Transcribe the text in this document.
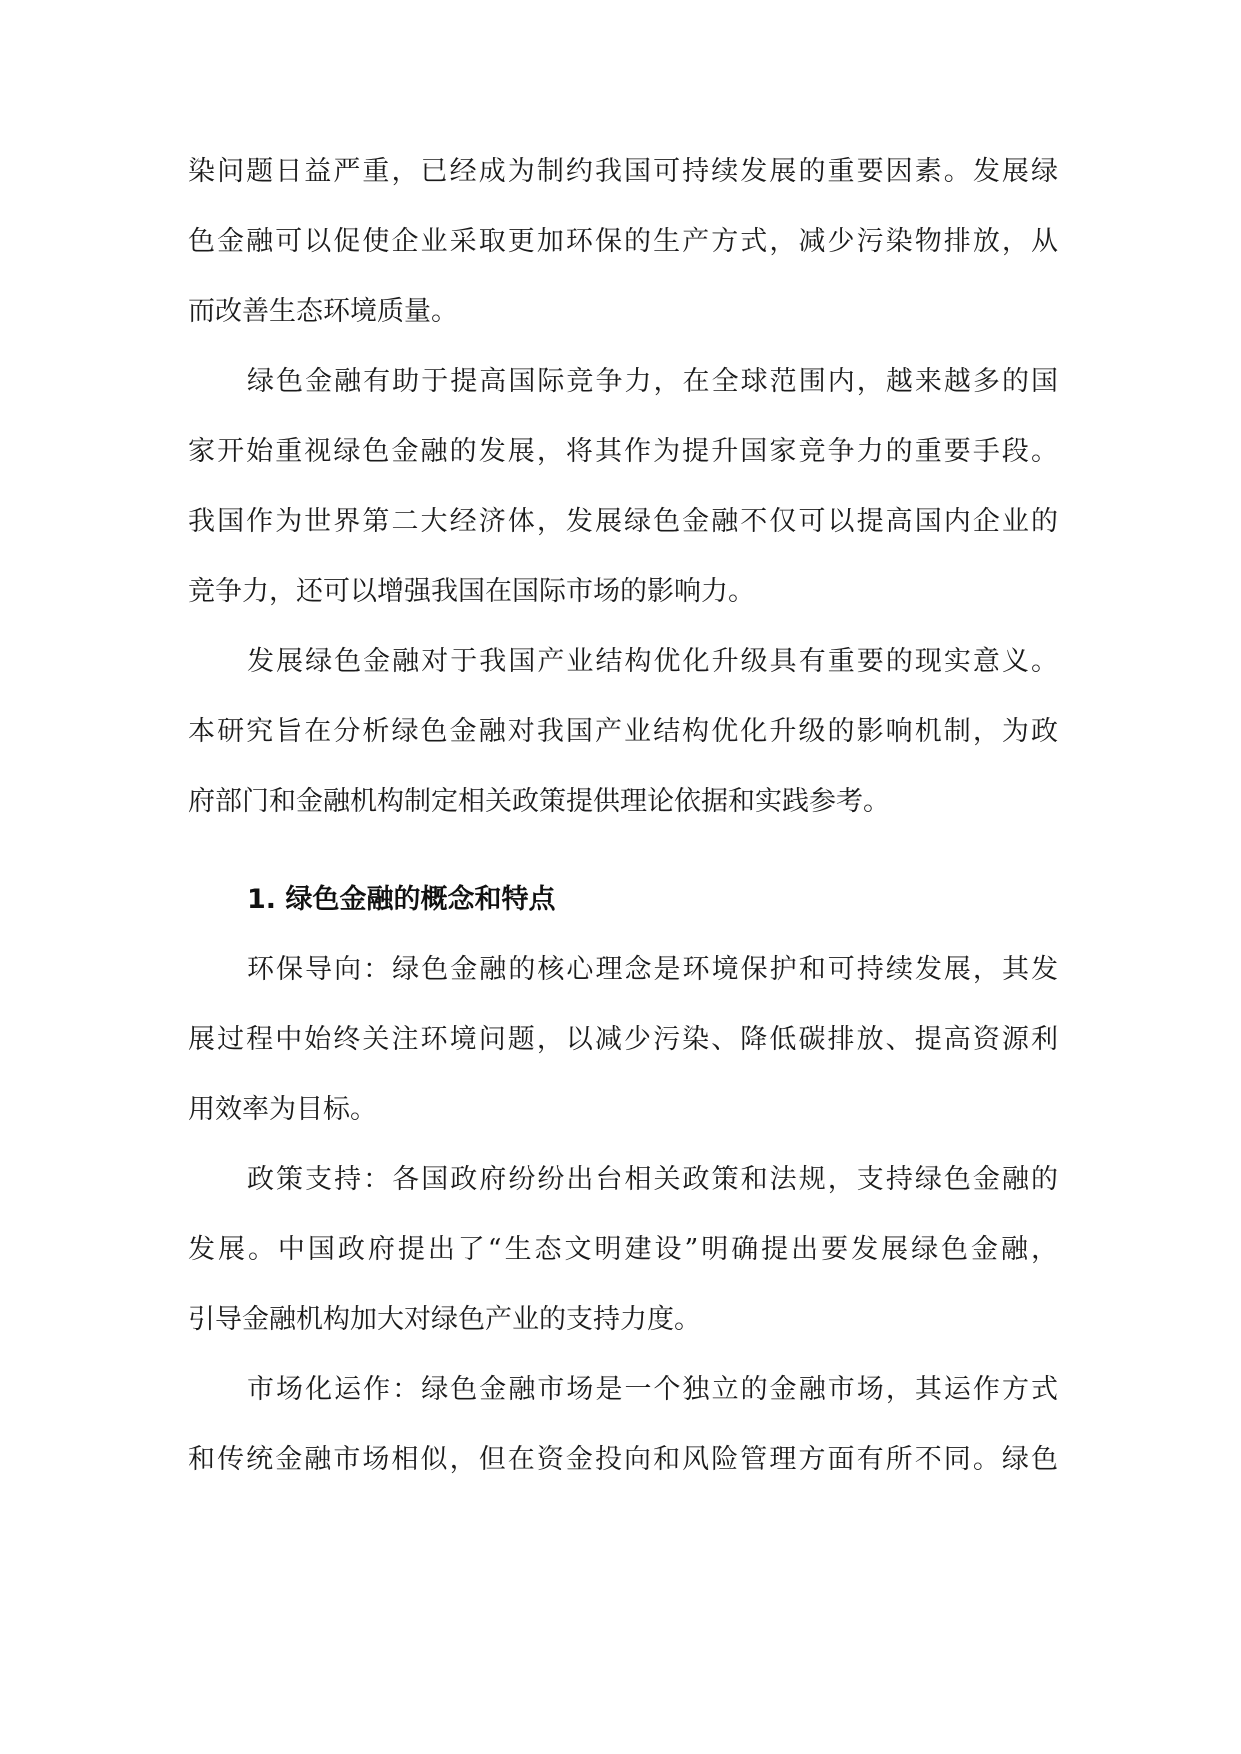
染问题日益严重，已经成为制约我国可持续发展的重要因素。发展绿
色金融可以促使企业采取更加环保的生产方式，减少污染物排放，从
而改善生态环境质量。
绿色金融有助于提高国际竞争力，在全球范围内，越来越多的国
家开始重视绿色金融的发展，将其作为提升国家竞争力的重要手段。
我国作为世界第二大经济体，发展绿色金融不仅可以提高国内企业的
竞争力，还可以增强我国在国际市场的影响力。
发展绿色金融对于我国产业结构优化升级具有重要的现实意义。
本研究旨在分析绿色金融对我国产业结构优化升级的影响机制，为政
府部门和金融机构制定相关政策提供理论依据和实践参考。
1. 绿色金融的概念和特点
环保导向：绿色金融的核心理念是环境保护和可持续发展，其发
展过程中始终关注环境问题，以减少污染、降低碳排放、提高资源利
用效率为目标。
政策支持：各国政府纷纷出台相关政策和法规，支持绿色金融的
发展。中国政府提出了“生态文明建设”明确提出要发展绿色金融，
引导金融机构加大对绿色产业的支持力度。
市场化运作：绿色金融市场是一个独立的金融市场，其运作方式
和传统金融市场相似，但在资金投向和风险管理方面有所不同。绿色
